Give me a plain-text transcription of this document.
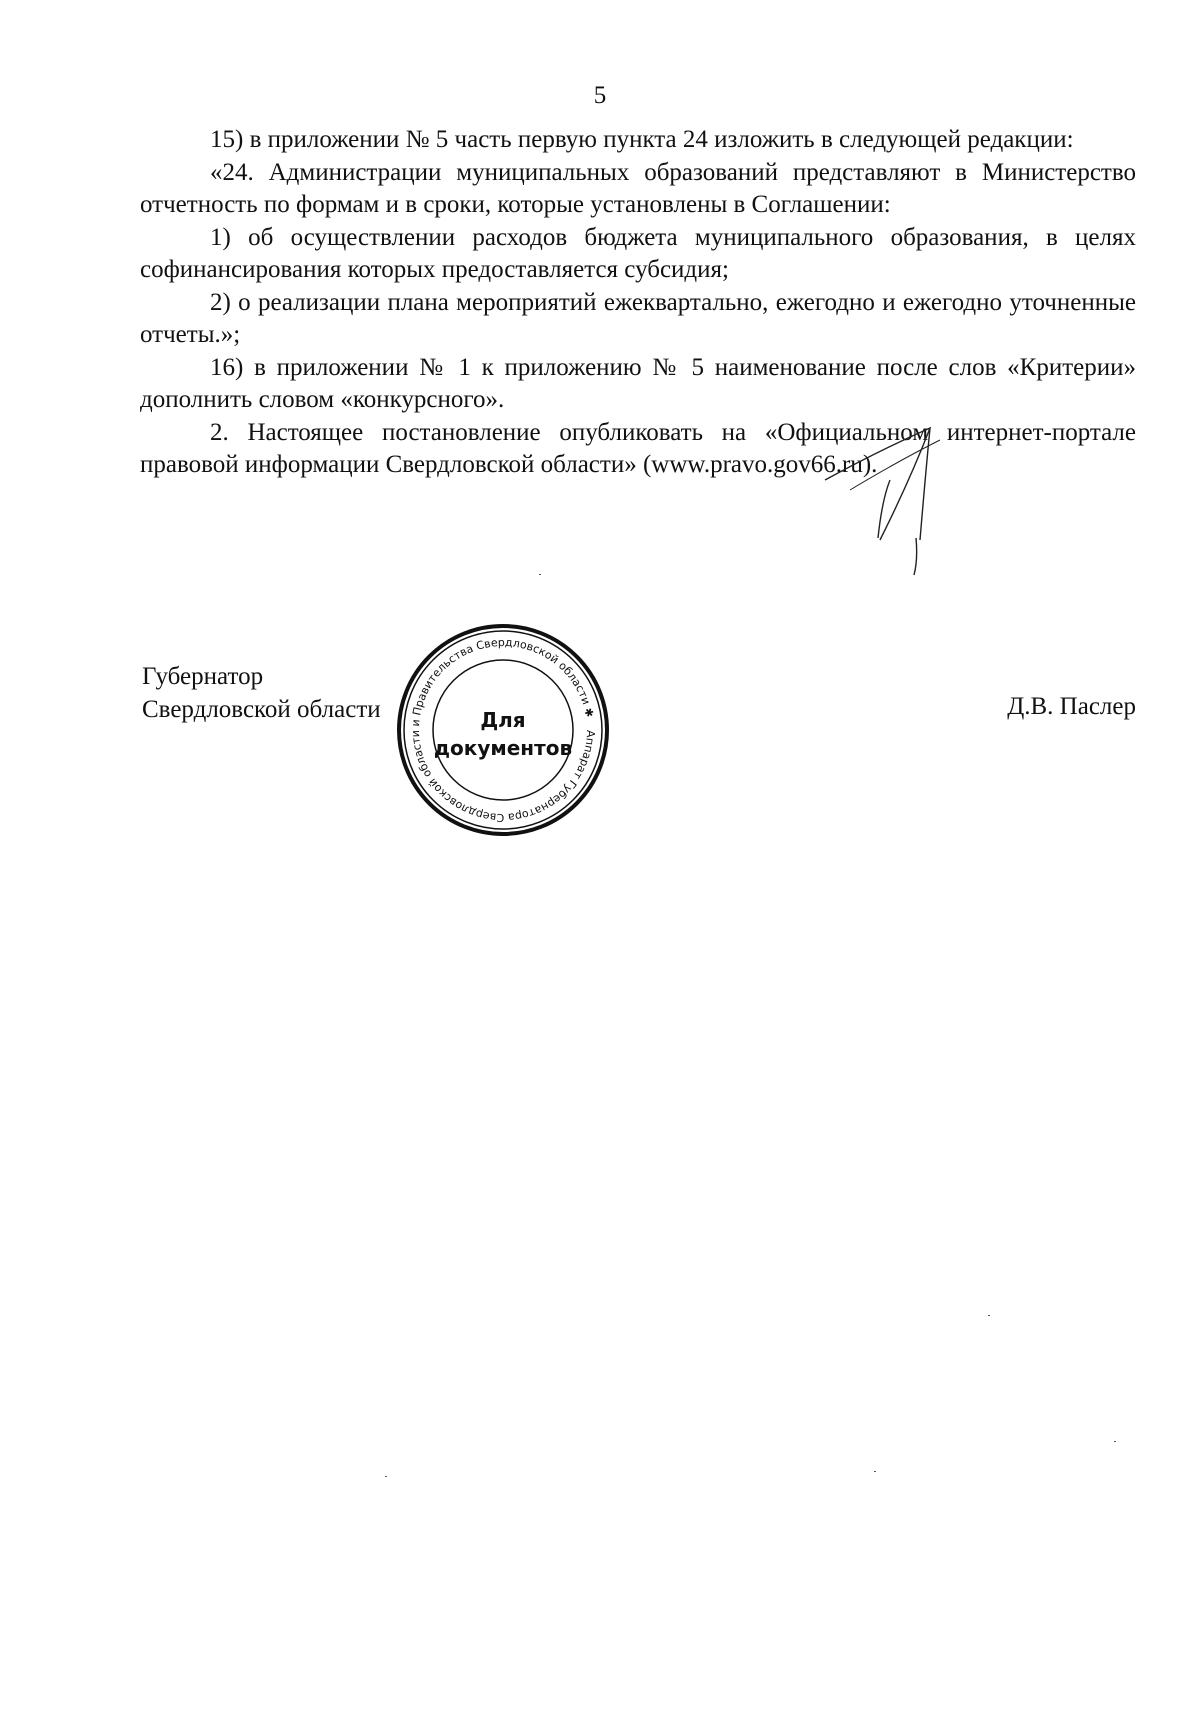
5

15) в приложении № 5 часть первую пункта 24 изложить в следующей редакции:

«24. Администрации муниципальных образований представляют в Министерство отчетность по формам и в сроки, которые установлены в Соглашении:

1) об осуществлении расходов бюджета муниципального образования, в целях софинансирования которых предоставляется субсидия;

2) о реализации плана мероприятий ежеквартально, ежегодно и ежегодно уточненные отчеты.»;

16) в приложении № 1 к приложению № 5 наименование после слов «Критерии» дополнить словом «конкурсного».

2. Настоящее постановление опубликовать на «Официальном интернет-портале правовой информации Свердловской области» (www.pravo.gov66.ru).

Губернатор
Свердловской области	Д.В. Паслер
Аппарат Губернатора Свердловской области и Правительства Свердловской области ✱
Для
документов
